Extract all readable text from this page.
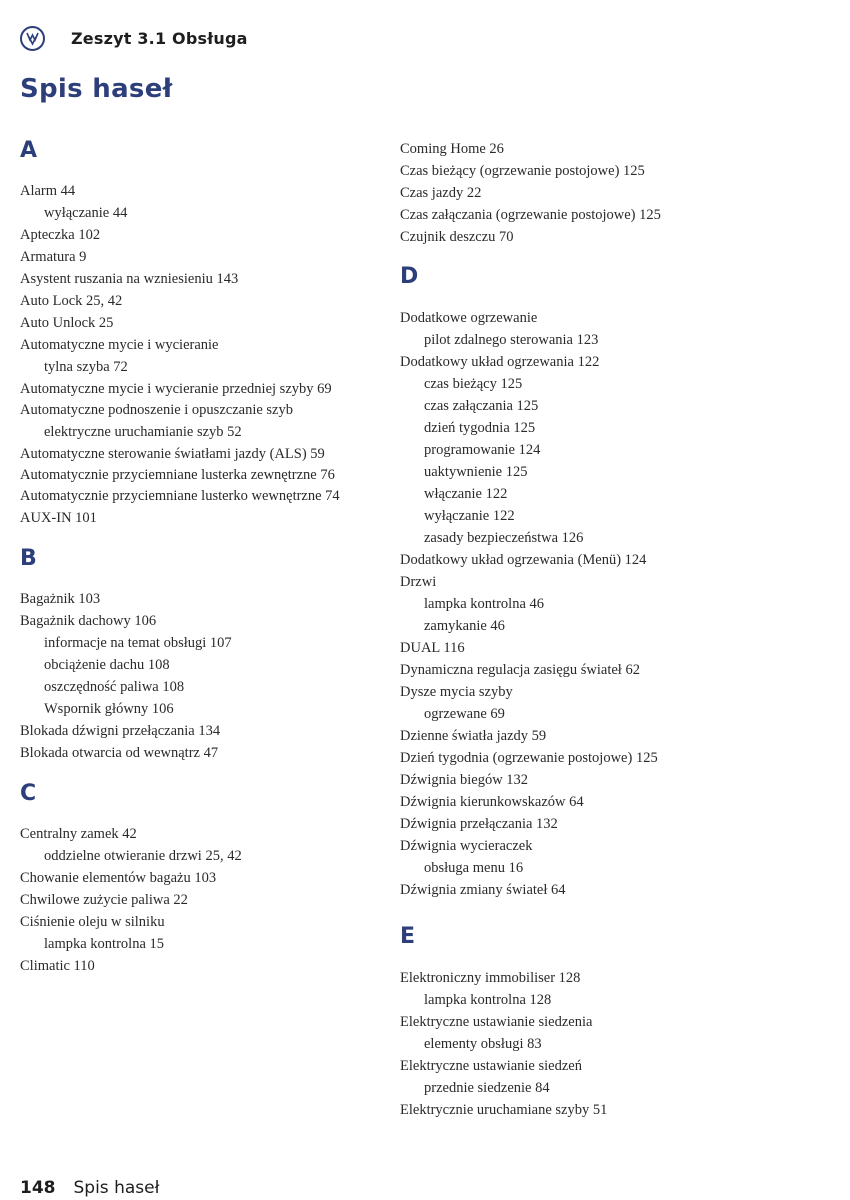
Zeszyt 3.1 Obsługa
Spis haseł
A
Alarm 44
wyłączanie 44
Apteczka 102
Armatura 9
Asystent ruszania na wzniesieniu 143
Auto Lock 25, 42
Auto Unlock 25
Automatyczne mycie i wycieranie
tylna szyba 72
Automatyczne mycie i wycieranie przedniej szyby 69
Automatyczne podnoszenie i opuszczanie szyb
elektryczne uruchamianie szyb 52
Automatyczne sterowanie światłami jazdy (ALS) 59
Automatycznie przyciemniane lusterka zewnętrzne 76
Automatycznie przyciemniane lusterko wewnętrzne 74
AUX-IN 101
B
Bagażnik 103
Bagażnik dachowy 106
informacje na temat obsługi 107
obciążenie dachu 108
oszczędność paliwa 108
Wspornik główny 106
Blokada dźwigni przełączania 134
Blokada otwarcia od wewnątrz 47
C
Centralny zamek 42
oddzielne otwieranie drzwi 25, 42
Chowanie elementów bagażu 103
Chwilowe zużycie paliwa 22
Ciśnienie oleju w silniku
lampka kontrolna 15
Climatic 110
Coming Home 26
Czas bieżący (ogrzewanie postojowe) 125
Czas jazdy 22
Czas załączania (ogrzewanie postojowe) 125
Czujnik deszczu 70
D
Dodatkowe ogrzewanie
pilot zdalnego sterowania 123
Dodatkowy układ ogrzewania 122
czas bieżący 125
czas załączania 125
dzień tygodnia 125
programowanie 124
uaktywnienie 125
włączanie 122
wyłączanie 122
zasady bezpieczeństwa 126
Dodatkowy układ ogrzewania (Menü) 124
Drzwi
lampka kontrolna 46
zamykanie 46
DUAL 116
Dynamiczna regulacja zasięgu świateł 62
Dysze mycia szyby
ogrzewane 69
Dzienne światła jazdy 59
Dzień tygodnia (ogrzewanie postojowe) 125
Dźwignia biegów 132
Dźwignia kierunkowskazów 64
Dźwignia przełączania 132
Dźwignia wycieraczek
obsługa menu 16
Dźwignia zmiany świateł 64
E
Elektroniczny immobiliser 128
lampka kontrolna 128
Elektryczne ustawianie siedzenia
elementy obsługi 83
Elektryczne ustawianie siedzeń
przednie siedzenie 84
Elektrycznie uruchamiane szyby 51
148 Spis haseł
